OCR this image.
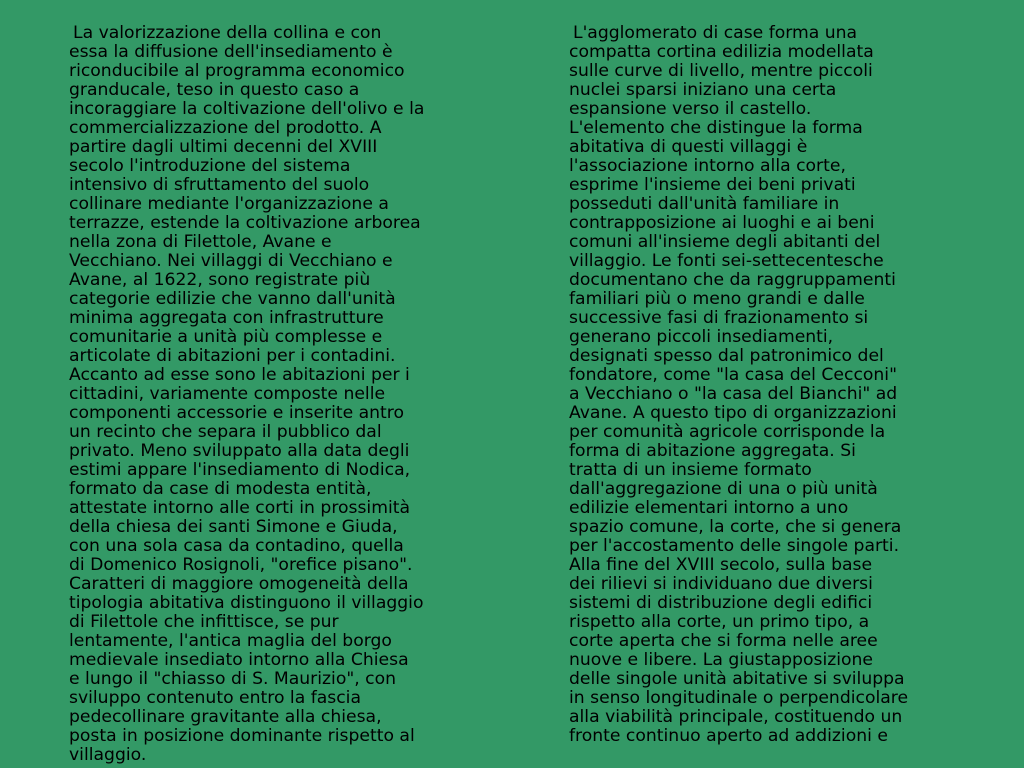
La valorizzazione della collina e con
essa la diffusione dell'insediamento è
riconducibile al programma economico
granducale, teso in questo caso a
incoraggiare la coltivazione dell'olivo e la
commercializzazione del prodotto. A
partire dagli ultimi decenni del XVIII
secolo l'introduzione del sistema
intensivo di sfruttamento del suolo
collinare mediante l'organizzazione a
terrazze, estende la coltivazione arborea
nella zona di Filettole, Avane e
Vecchiano. Nei villaggi di Vecchiano e
Avane, al 1622, sono registrate più
categorie edilizie che vanno dall'unità
minima aggregata con infrastrutture
comunitarie a unità più complesse e
articolate di abitazioni per i contadini.
Accanto ad esse sono le abitazioni per i
cittadini, variamente composte nelle
componenti accessorie e inserite antro
un recinto che separa il pubblico dal
privato. Meno sviluppato alla data degli
estimi appare l'insediamento di Nodica,
formato da case di modesta entità,
attestate intorno alle corti in prossimità
della chiesa dei santi Simone e Giuda,
con una sola casa da contadino, quella
di Domenico Rosignoli, "orefice pisano".
Caratteri di maggiore omogeneità della
tipologia abitativa distinguono il villaggio
di Filettole che infittisce, se pur
lentamente, l'antica maglia del borgo
medievale insediato intorno alla Chiesa
e lungo il "chiasso di S. Maurizio", con
sviluppo contenuto entro la fascia
pedecollinare gravitante alla chiesa,
posta in posizione dominante rispetto al
villaggio.
L'agglomerato di case forma una
compatta cortina edilizia modellata
sulle curve di livello, mentre piccoli
nuclei sparsi iniziano una certa
espansione verso il castello.
L'elemento che distingue la forma
abitativa di questi villaggi è
l'associazione intorno alla corte,
esprime l'insieme dei beni privati
posseduti dall'unità familiare in
contrapposizione ai luoghi e ai beni
comuni all'insieme degli abitanti del
villaggio. Le fonti sei-settecentesche
documentano che da raggruppamenti
familiari più o meno grandi e dalle
successive fasi di frazionamento si
generano piccoli insediamenti,
designati spesso dal patronimico del
fondatore, come "la casa del Cecconi"
a Vecchiano o "la casa del Bianchi" ad
Avane. A questo tipo di organizzazioni
per comunità agricole corrisponde la
forma di abitazione aggregata. Si
tratta di un insieme formato
dall'aggregazione di una o più unità
edilizie elementari intorno a uno
spazio comune, la corte, che si genera
per l'accostamento delle singole parti.
Alla fine del XVIII secolo, sulla base
dei rilievi si individuano due diversi
sistemi di distribuzione degli edifici
rispetto alla corte, un primo tipo, a
corte aperta che si forma nelle aree
nuove e libere. La giustapposizione
delle singole unità abitative si sviluppa
in senso longitudinale o perpendicolare
alla viabilità principale, costituendo un
fronte continuo aperto ad addizioni e
